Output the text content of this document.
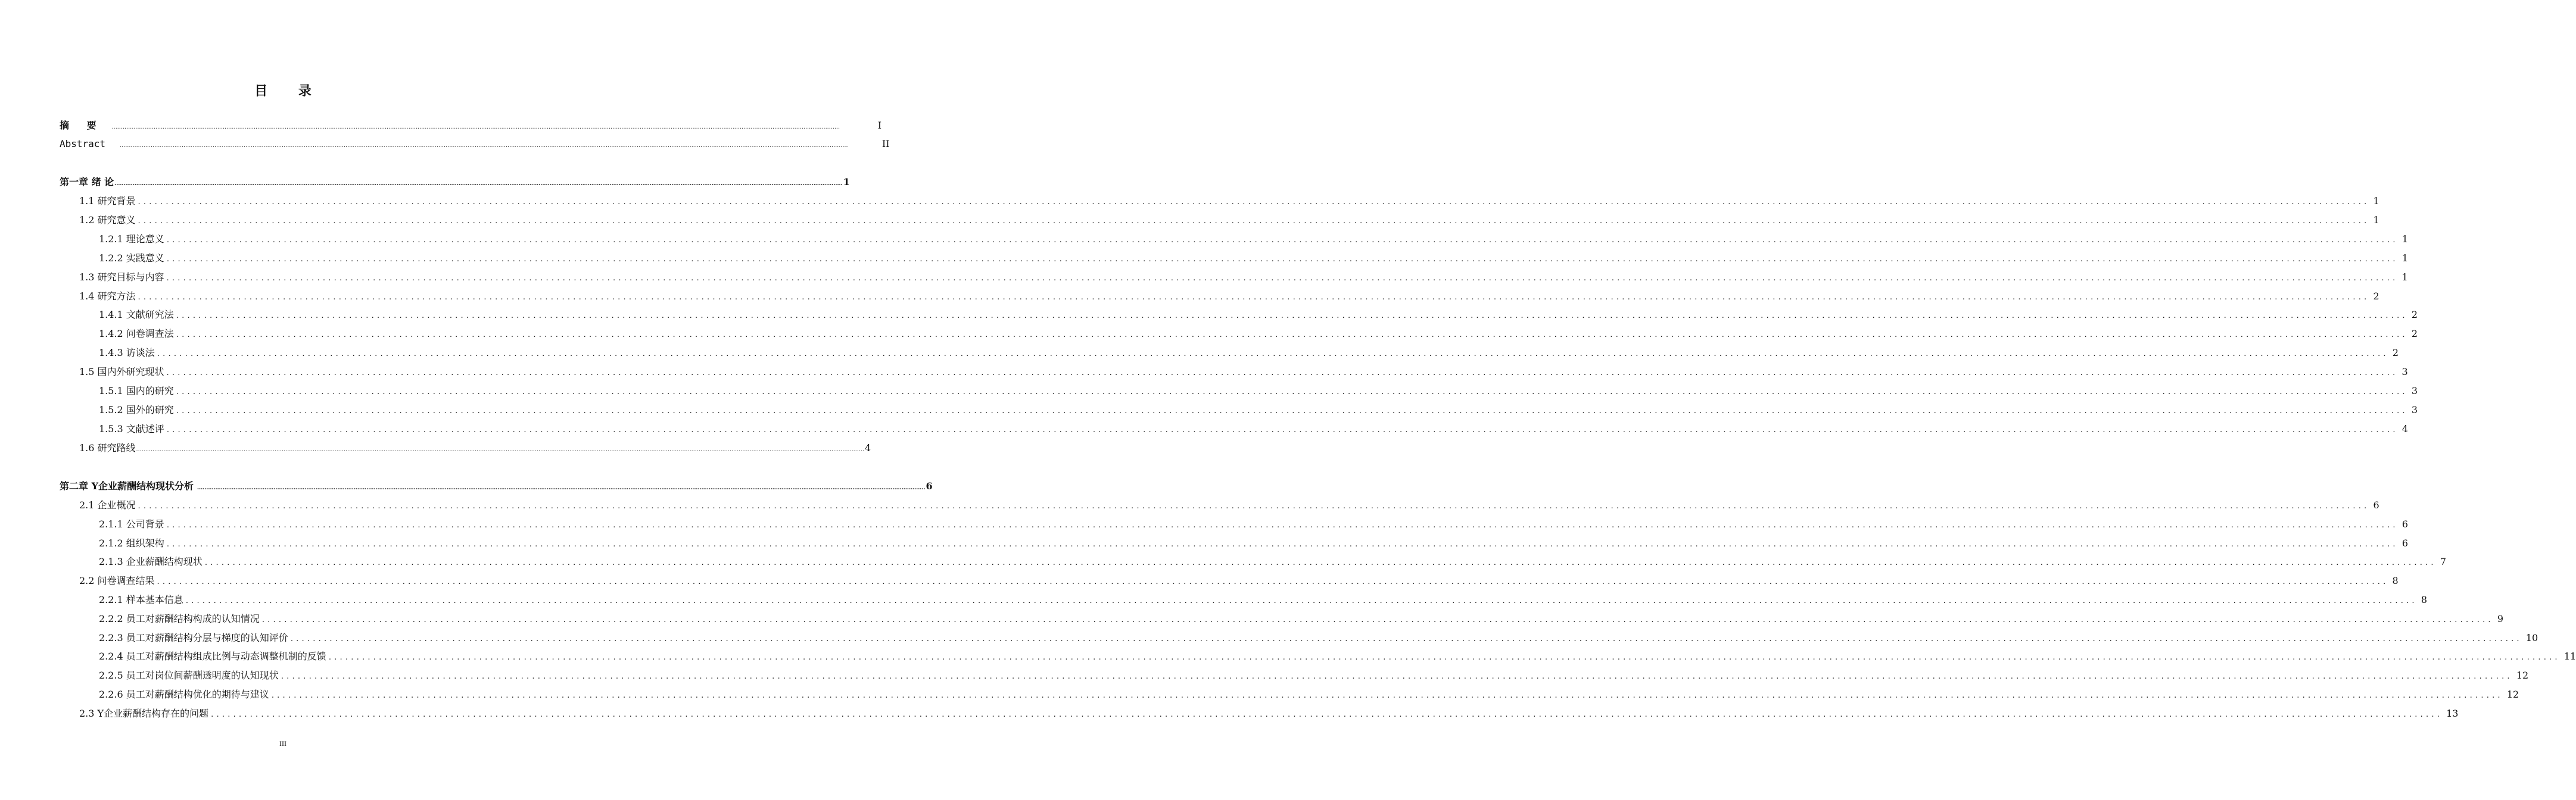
目 录
摘 要 ................................................................................................................................................................................................................................................................................................................................................................................................................	I
Abstract ................................................................................................................................................................................................................................................................................................................................................................................................................	II
第一章 绪 论 ................................................................................................................................................................................................................................................................................................................................................................................................................ 1
1.1 研究背景 ................................................................................................................................................................................................................................................................................................................................................................................................................ 1
1.2 研究意义 ................................................................................................................................................................................................................................................................................................................................................................................................................ 1
1.2.1 理论意义 ................................................................................................................................................................................................................................................................................................................................................................................................................ 1
1.2.2 实践意义 ................................................................................................................................................................................................................................................................................................................................................................................................................ 1
1.3 研究目标与内容 ................................................................................................................................................................................................................................................................................................................................................................................................................ 1
1.4 研究方法 ................................................................................................................................................................................................................................................................................................................................................................................................................ 2
1.4.1 文献研究法 ................................................................................................................................................................................................................................................................................................................................................................................................................ 2
1.4.2 问卷调查法 ................................................................................................................................................................................................................................................................................................................................................................................................................ 2
1.4.3 访谈法 ................................................................................................................................................................................................................................................................................................................................................................................................................ 2
1.5 国内外研究现状 ................................................................................................................................................................................................................................................................................................................................................................................................................ 3
1.5.1 国内的研究 ................................................................................................................................................................................................................................................................................................................................................................................................................ 3
1.5.2 国外的研究 ................................................................................................................................................................................................................................................................................................................................................................................................................ 3
1.5.3 文献述评 ................................................................................................................................................................................................................................................................................................................................................................................................................ 4
1.6 研究路线 ................................................................................................................................................................................................................................................................................................................................................................................................................ 4
第二章 Y企业薪酬结构现状分析 ................................................................................................................................................................................................................................................................................................................................................................................................................ 6
2.1 企业概况 ................................................................................................................................................................................................................................................................................................................................................................................................................ 6
2.1.1 公司背景 ................................................................................................................................................................................................................................................................................................................................................................................................................ 6
2.1.2 组织架构 ................................................................................................................................................................................................................................................................................................................................................................................................................ 6
2.1.3 企业薪酬结构现状 ................................................................................................................................................................................................................................................................................................................................................................................................................ 7
2.2 问卷调查结果 ................................................................................................................................................................................................................................................................................................................................................................................................................ 8
2.2.1 样本基本信息 ................................................................................................................................................................................................................................................................................................................................................................................................................ 8
2.2.2 员工对薪酬结构构成的认知情况 ................................................................................................................................................................................................................................................................................................................................................................................................................ 9
2.2.3 员工对薪酬结构分层与梯度的认知评价 ................................................................................................................................................................................................................................................................................................................................................................................................................ 10
2.2.4 员工对薪酬结构组成比例与动态调整机制的反馈 ................................................................................................................................................................................................................................................................................................................................................................................................................ 11
2.2.5 员工对岗位间薪酬透明度的认知现状 ................................................................................................................................................................................................................................................................................................................................................................................................................ 12
2.2.6 员工对薪酬结构优化的期待与建议 ................................................................................................................................................................................................................................................................................................................................................................................................................ 12
2.3 Y企业薪酬结构存在的问题 ................................................................................................................................................................................................................................................................................................................................................................................................................ 13
III
